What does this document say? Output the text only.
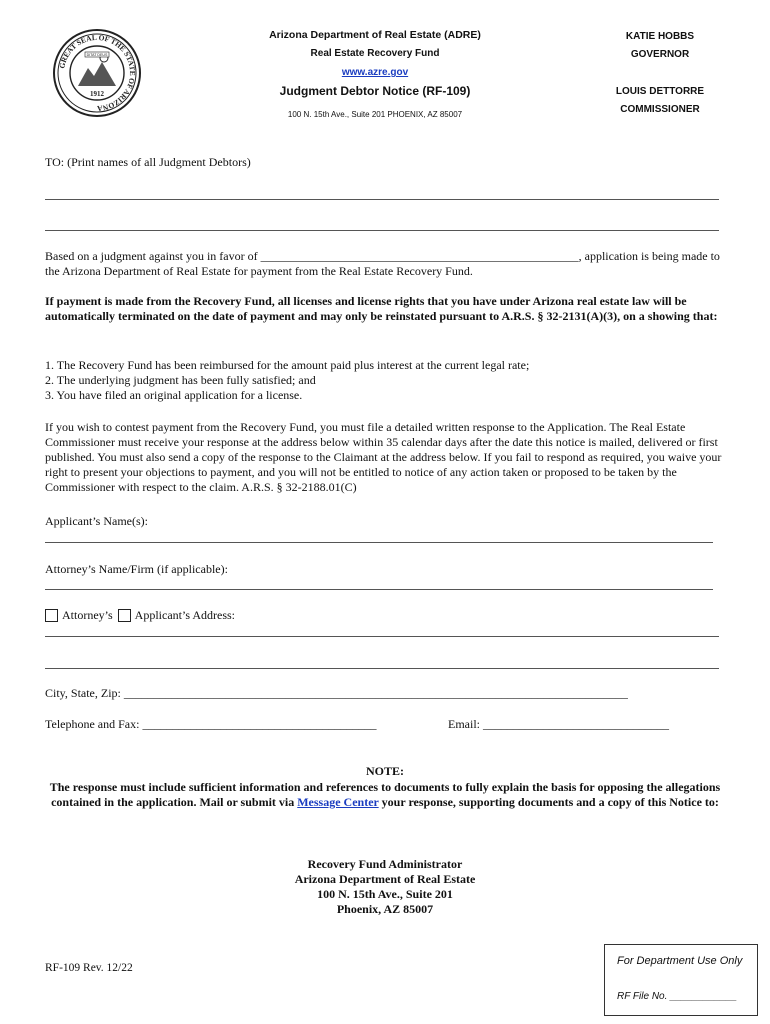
GREAT SEAL OF THE STATE OF ARIZONA
DITAT DEUS
1912
Arizona Department of Real Estate (ADRE)
Real Estate Recovery Fund
www.azre.gov
Judgment Debtor Notice (RF-109)
100 N. 15th Ave., Suite 201 PHOENIX, AZ 85007
KATIE HOBBS
GOVERNOR
LOUIS DETTORRE
COMMISSIONER
TO: (Print names of all Judgment Debtors)
Based on a judgment against you in favor of _____________________________________________________, application is being made to the Arizona Department of Real Estate for payment from the Real Estate Recovery Fund.
If payment is made from the Recovery Fund, all licenses and license rights that you have under Arizona real estate law will be automatically terminated on the date of payment and may only be reinstated pursuant to A.R.S. § 32-2131(A)(3), on a showing that:
1. The Recovery Fund has been reimbursed for the amount paid plus interest at the current legal rate;
2. The underlying judgment has been fully satisfied; and
3. You have filed an original application for a license.
If you wish to contest payment from the Recovery Fund, you must file a detailed written response to the Application. The Real Estate Commissioner must receive your response at the address below within 35 calendar days after the date this notice is mailed, delivered or first published. You must also send a copy of the response to the Claimant at the address below. If you fail to respond as required, you waive your right to present your objections to payment, and you will not be entitled to notice of any action taken or proposed to be taken by the Commissioner with respect to the claim. A.R.S. § 32-2188.01(C)
Applicant’s Name(s):
Attorney’s Name/Firm (if applicable):
Attorney’s Applicant’s Address:
City, State, Zip: ____________________________________________________________________________________
Telephone and Fax: _______________________________________	Email: _______________________________
NOTE:
The response must include sufficient information and references to documents to fully explain the basis for opposing the allegations contained in the application. Mail or submit via Message Center your response, supporting documents and a copy of this Notice to:
Recovery Fund Administrator
Arizona Department of Real Estate
100 N. 15th Ave., Suite 201
Phoenix, AZ 85007
RF-109 Rev. 12/22
For Department Use Only
RF File No. ____________
